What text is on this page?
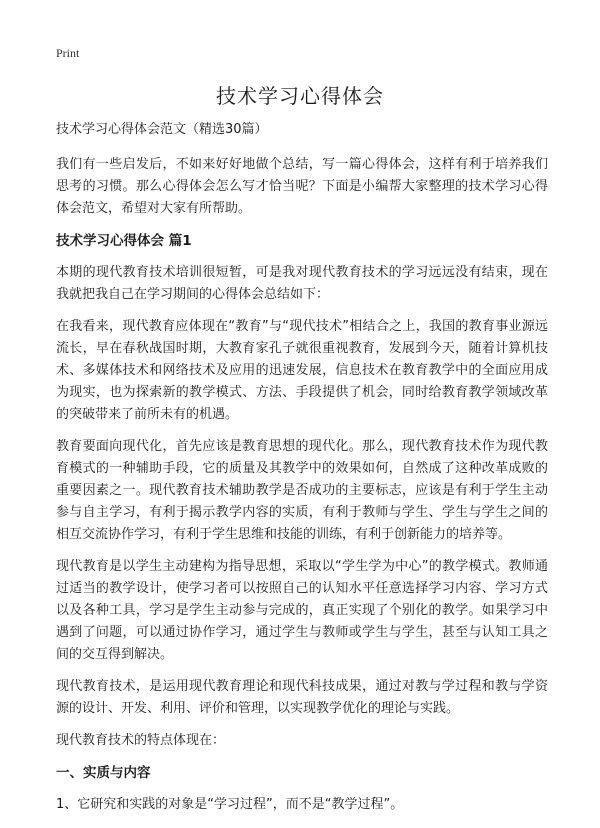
Print
技术学习心得体会

技术学习心得体会范文（精选30篇）

我们有一些启发后，不如来好好地做个总结，写一篇心得体会，这样有利于培养我们思考的习惯。那么心得体会怎么写才恰当呢？下面是小编帮大家整理的技术学习心得体会范文，希望对大家有所帮助。

技术学习心得体会 篇1

本期的现代教育技术培训很短暂，可是我对现代教育技术的学习远远没有结束，现在我就把我自己在学习期间的心得体会总结如下：

在我看来，现代教育应体现在“教育”与“现代技术”相结合之上，我国的教育事业源远流长，早在春秋战国时期，大教育家孔子就很重视教育，发展到今天，随着计算机技术、多媒体技术和网络技术及应用的迅速发展，信息技术在教育教学中的全面应用成为现实，也为探索新的教学模式、方法、手段提供了机会，同时给教育教学领域改革的突破带来了前所未有的机遇。

教育要面向现代化，首先应该是教育思想的现代化。那么，现代教育技术作为现代教育模式的一种辅助手段，它的质量及其教学中的效果如何，自然成了这种改革成败的重要因素之一。现代教育技术辅助教学是否成功的主要标志，应该是有利于学生主动参与自主学习，有利于揭示教学内容的实质，有利于教师与学生、学生与学生之间的相互交流协作学习，有利于学生思维和技能的训练，有利于创新能力的培养等。

现代教育是以学生主动建构为指导思想，采取以“学生学为中心”的教学模式。教师通过适当的教学设计，使学习者可以按照自己的认知水平任意选择学习内容、学习方式以及各种工具，学习是学生主动参与完成的，真正实现了个别化的教学。如果学习中遇到了问题，可以通过协作学习，通过学生与教师或学生与学生，甚至与认知工具之间的交互得到解决。

现代教育技术，是运用现代教育理论和现代科技成果，通过对教与学过程和教与学资源的设计、开发、利用、评价和管理，以实现教学优化的理论与实践。

现代教育技术的特点体现在：

一、实质与内容

1、它研究和实践的对象是“学习过程”，而不是“教学过程”。
